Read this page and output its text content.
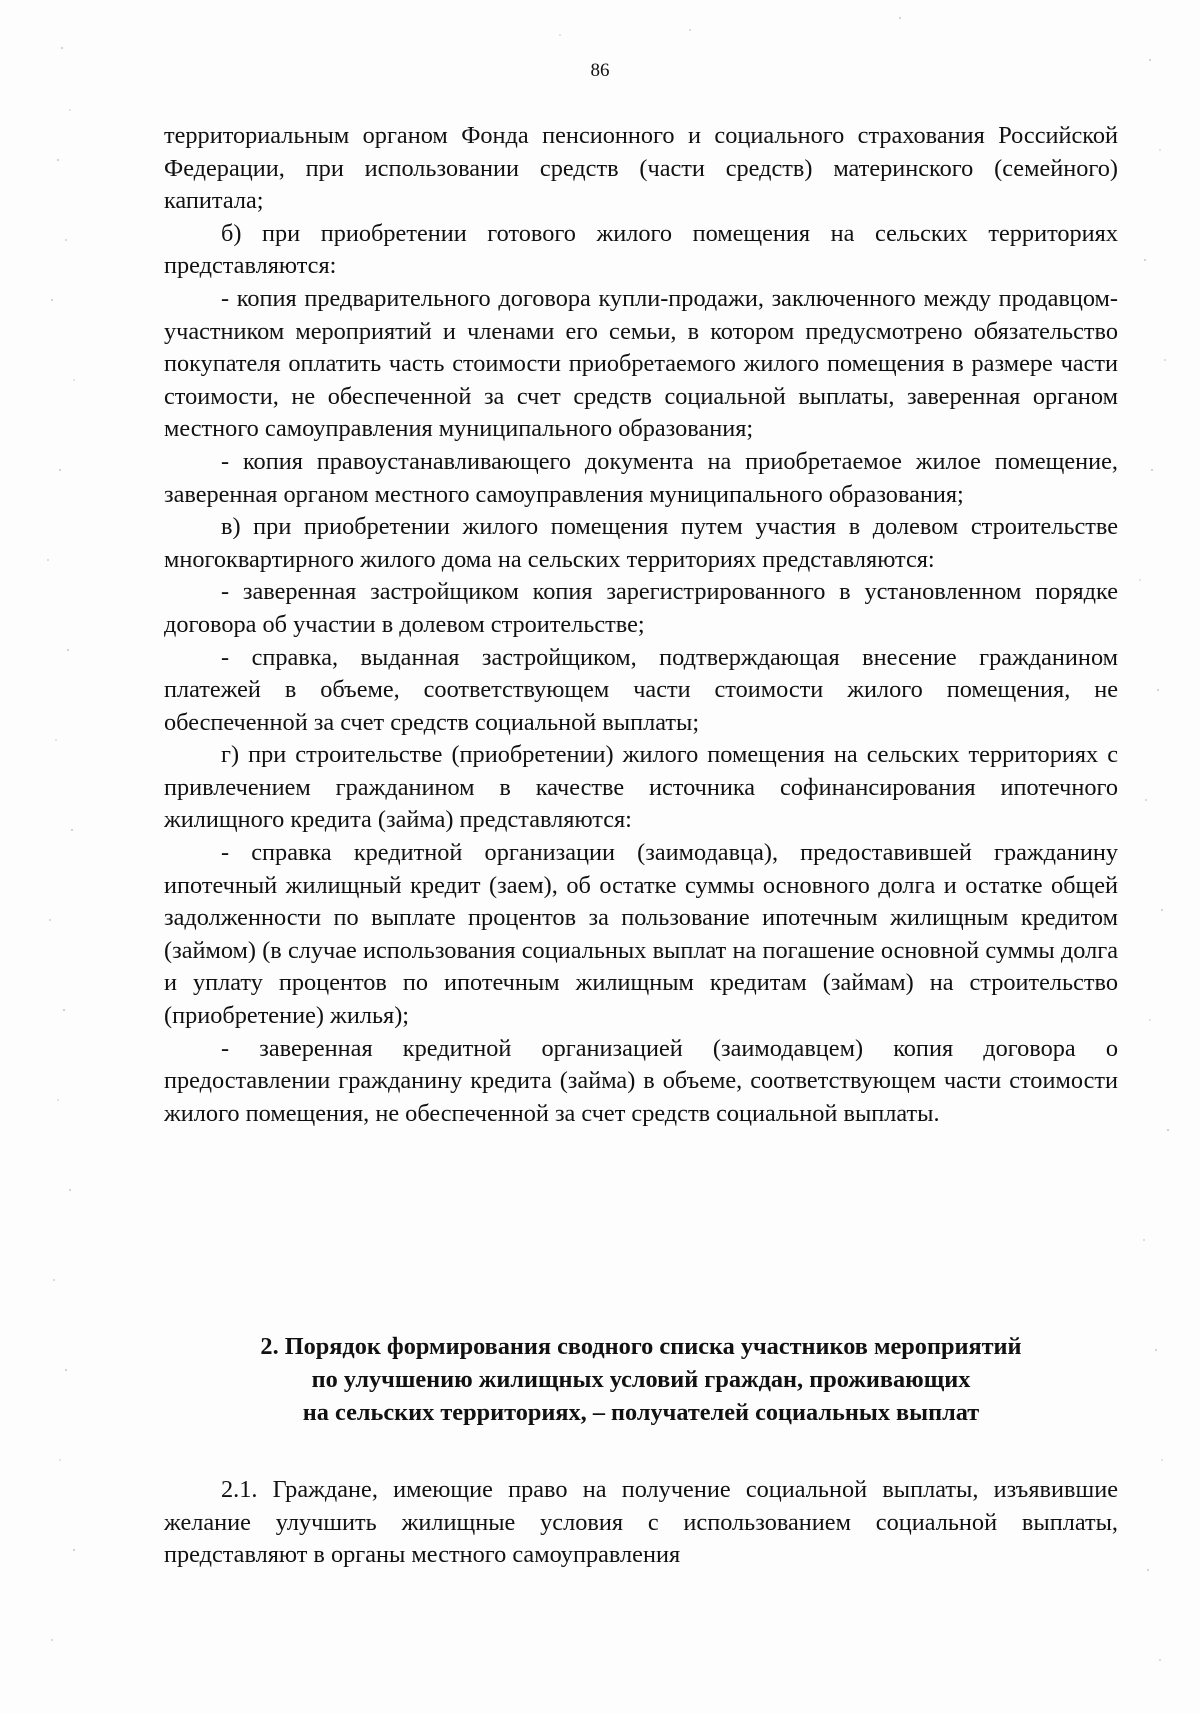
86

территориальным органом Фонда пенсионного и социального страхования Российской Федерации, при использовании средств (части средств) материнского (семейного) капитала;

б) при приобретении готового жилого помещения на сельских территориях представляются:

- копия предварительного договора купли-продажи, заключенного между продавцом-участником мероприятий и членами его семьи, в котором предусмотрено обязательство покупателя оплатить часть стоимости приобретаемого жилого помещения в размере части стоимости, не обеспеченной за счет средств социальной выплаты, заверенная органом местного самоуправления муниципального образования;

- копия правоустанавливающего документа на приобретаемое жилое помещение, заверенная органом местного самоуправления муниципального образования;

в) при приобретении жилого помещения путем участия в долевом строительстве многоквартирного жилого дома на сельских территориях представляются:

- заверенная застройщиком копия зарегистрированного в установленном порядке договора об участии в долевом строительстве;

- справка, выданная застройщиком, подтверждающая внесение гражданином платежей в объеме, соответствующем части стоимости жилого помещения, не обеспеченной за счет средств социальной выплаты;

г) при строительстве (приобретении) жилого помещения на сельских территориях с привлечением гражданином в качестве источника софинансирования ипотечного жилищного кредита (займа) представляются:

- справка кредитной организации (заимодавца), предоставившей гражданину ипотечный жилищный кредит (заем), об остатке суммы основного долга и остатке общей задолженности по выплате процентов за пользование ипотечным жилищным кредитом (займом) (в случае использования социальных выплат на погашение основной суммы долга и уплату процентов по ипотечным жилищным кредитам (займам) на строительство (приобретение) жилья);

- заверенная кредитной организацией (заимодавцем) копия договора о предоставлении гражданину кредита (займа) в объеме, соответствующем части стоимости жилого помещения, не обеспеченной за счет средств социальной выплаты.

2. Порядок формирования сводного списка участников мероприятий
по улучшению жилищных условий граждан, проживающих
на сельских территориях, – получателей социальных выплат

2.1. Граждане, имеющие право на получение социальной выплаты, изъявившие желание улучшить жилищные условия с использованием социальной выплаты, представляют в органы местного самоуправления
